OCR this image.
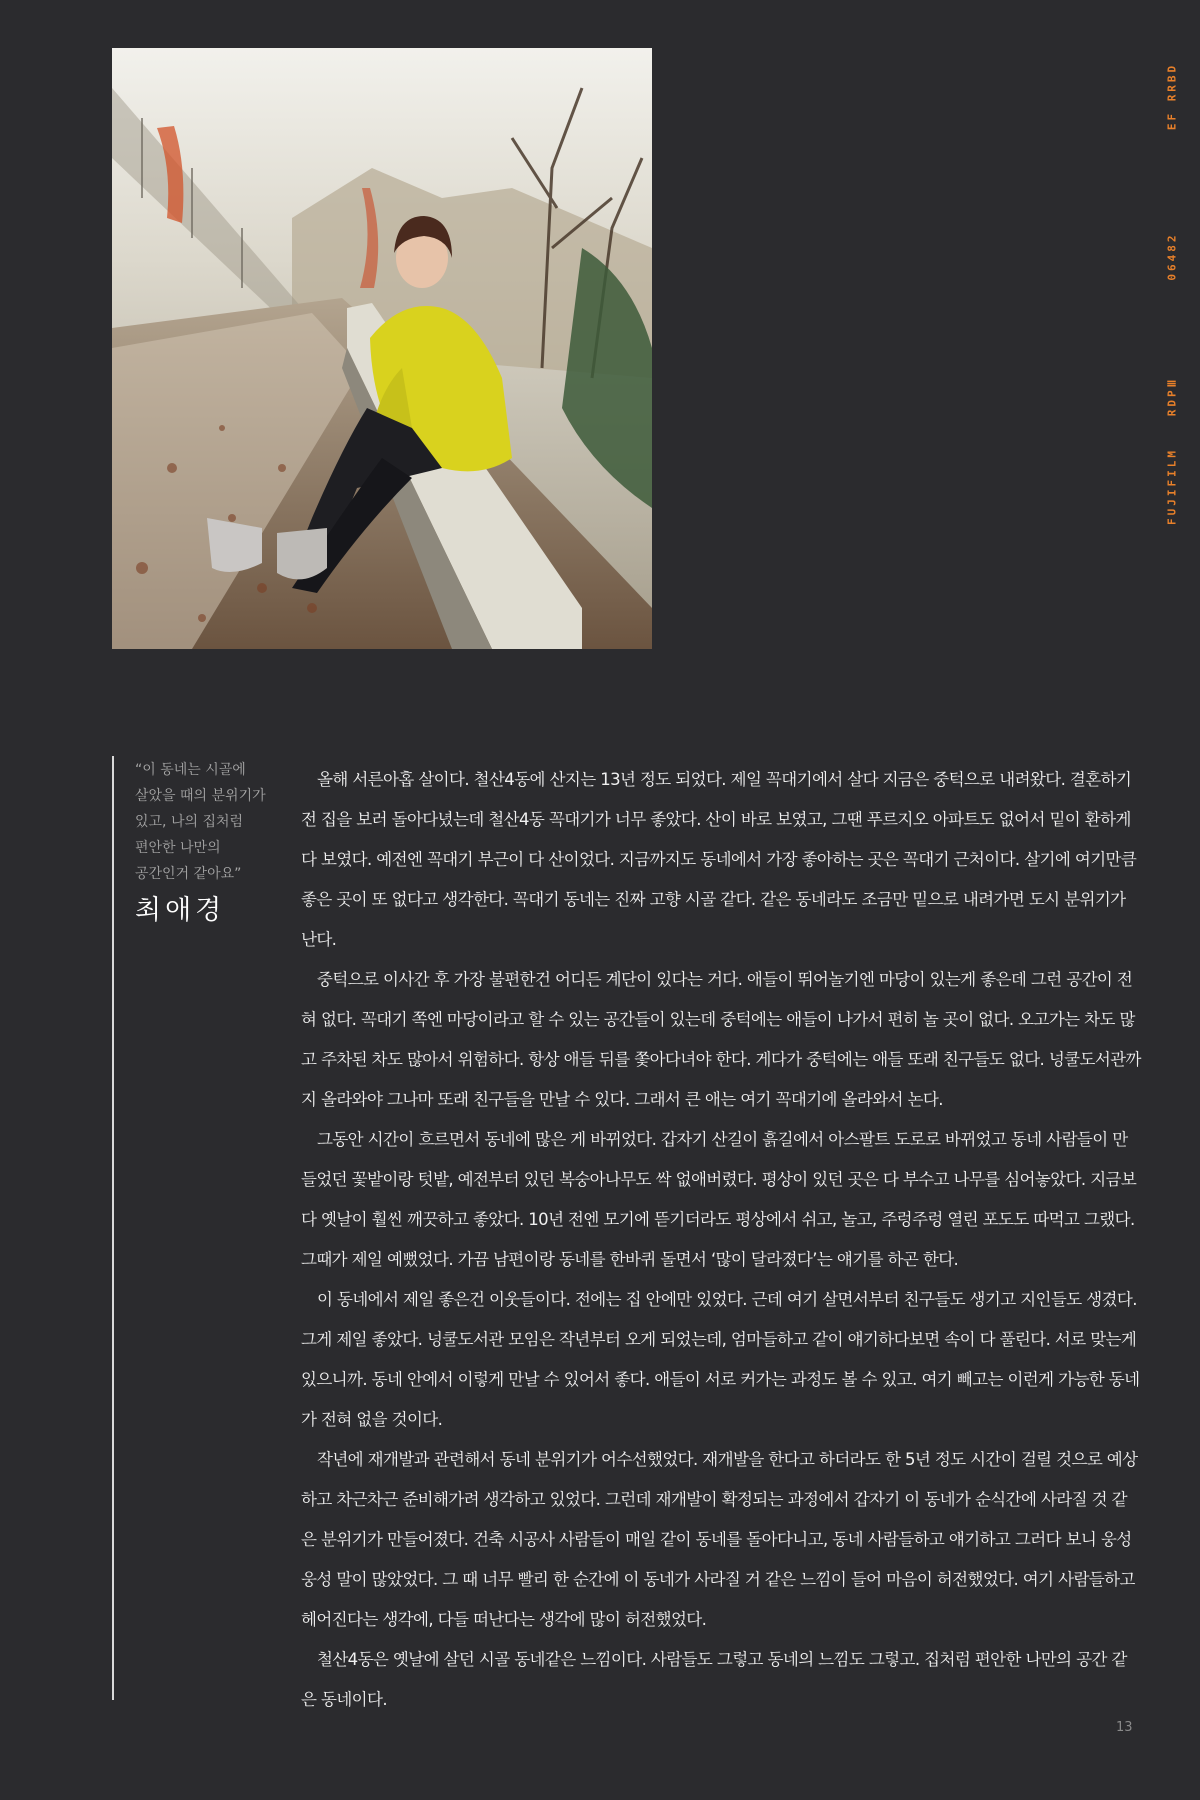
EF RRBD
06482
RDPⅢ
FUJIFILM

“이 동네는 시골에

살았을 때의 분위기가

있고, 나의 집처럼

편안한 나만의

공간인거 같아요”

최애경

올해 서른아홉 살이다. 철산4동에 산지는 13년 정도 되었다. 제일 꼭대기에서 살다 지금은 중턱으로 내려왔다. 결혼하기 전 집을 보러 돌아다녔는데 철산4동 꼭대기가 너무 좋았다. 산이 바로 보였고, 그땐 푸르지오 아파트도 없어서 밑이 환하게 다 보였다. 예전엔 꼭대기 부근이 다 산이었다. 지금까지도 동네에서 가장 좋아하는 곳은 꼭대기 근처이다. 살기에 여기만큼 좋은 곳이 또 없다고 생각한다. 꼭대기 동네는 진짜 고향 시골 같다. 같은 동네라도 조금만 밑으로 내려가면 도시 분위기가 난다.

중턱으로 이사간 후 가장 불편한건 어디든 계단이 있다는 거다. 애들이 뛰어놀기엔 마당이 있는게 좋은데 그런 공간이 전혀 없다. 꼭대기 쪽엔 마당이라고 할 수 있는 공간들이 있는데 중턱에는 애들이 나가서 편히 놀 곳이 없다. 오고가는 차도 많고 주차된 차도 많아서 위험하다. 항상 애들 뒤를 쫓아다녀야 한다. 게다가 중턱에는 애들 또래 친구들도 없다. 넝쿨도서관까지 올라와야 그나마 또래 친구들을 만날 수 있다. 그래서 큰 애는 여기 꼭대기에 올라와서 논다.

그동안 시간이 흐르면서 동네에 많은 게 바뀌었다. 갑자기 산길이 흙길에서 아스팔트 도로로 바뀌었고 동네 사람들이 만들었던 꽃밭이랑 텃밭, 예전부터 있던 복숭아나무도 싹 없애버렸다. 평상이 있던 곳은 다 부수고 나무를 심어놓았다. 지금보다 옛날이 훨씬 깨끗하고 좋았다. 10년 전엔 모기에 뜯기더라도 평상에서 쉬고, 놀고, 주렁주렁 열린 포도도 따먹고 그랬다. 그때가 제일 예뻤었다. 가끔 남편이랑 동네를 한바퀴 돌면서 ‘많이 달라졌다’는 얘기를 하곤 한다.

이 동네에서 제일 좋은건 이웃들이다. 전에는 집 안에만 있었다. 근데 여기 살면서부터 친구들도 생기고 지인들도 생겼다. 그게 제일 좋았다. 넝쿨도서관 모임은 작년부터 오게 되었는데, 엄마들하고 같이 얘기하다보면 속이 다 풀린다. 서로 맞는게 있으니까. 동네 안에서 이렇게 만날 수 있어서 좋다. 애들이 서로 커가는 과정도 볼 수 있고. 여기 빼고는 이런게 가능한 동네가 전혀 없을 것이다.

작년에 재개발과 관련해서 동네 분위기가 어수선했었다. 재개발을 한다고 하더라도 한 5년 정도 시간이 걸릴 것으로 예상하고 차근차근 준비해가려 생각하고 있었다. 그런데 재개발이 확정되는 과정에서 갑자기 이 동네가 순식간에 사라질 것 같은 분위기가 만들어졌다. 건축 시공사 사람들이 매일 같이 동네를 돌아다니고, 동네 사람들하고 얘기하고 그러다 보니 웅성웅성 말이 많았었다. 그 때 너무 빨리 한 순간에 이 동네가 사라질 거 같은 느낌이 들어 마음이 허전했었다. 여기 사람들하고 헤어진다는 생각에, 다들 떠난다는 생각에 많이 허전했었다.

철산4동은 옛날에 살던 시골 동네같은 느낌이다. 사람들도 그렇고 동네의 느낌도 그렇고. 집처럼 편안한 나만의 공간 같은 동네이다.

13
